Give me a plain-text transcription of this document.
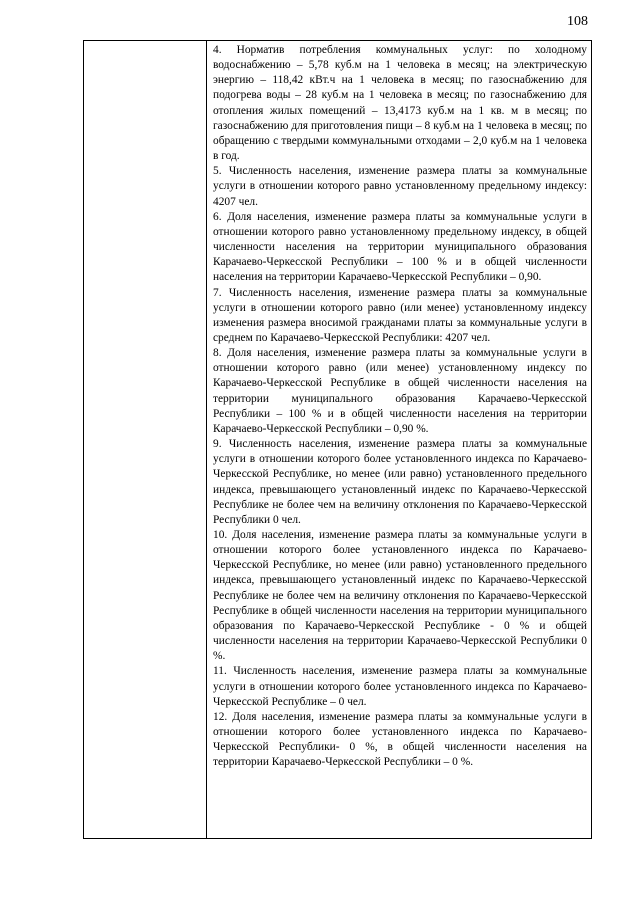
108

4. Норматив потребления коммунальных услуг: по холодному водоснабжению – 5,78 куб.м на 1 человека в месяц; на электрическую энергию – 118,42 кВт.ч на 1 человека в месяц; по газоснабжению для подогрева воды – 28 куб.м на 1 человека в месяц; по газоснабжению для отопления жилых помещений – 13,4173 куб.м на 1 кв. м в месяц; по газоснабжению для приготовления пищи – 8 куб.м на 1 человека в месяц; по обращению с твердыми коммунальными отходами – 2,0 куб.м на 1 человека в год.

5. Численность населения, изменение размера платы за коммунальные услуги в отношении которого равно установленному предельному индексу: 4207 чел.

6. Доля населения, изменение размера платы за коммунальные услуги в отношении которого равно установленному предельному индексу, в общей численности населения на территории муниципального образования Карачаево-Черкесской Республики – 100 % и в общей численности населения на территории Карачаево-Черкесской Республики – 0,90.

7. Численность населения, изменение размера платы за коммунальные услуги в отношении которого равно (или менее) установленному индексу изменения размера вносимой гражданами платы за коммунальные услуги в среднем по Карачаево-Черкесской Республики: 4207 чел.

8. Доля населения, изменение размера платы за коммунальные услуги в отношении которого равно (или менее) установленному индексу по Карачаево-Черкесской Республике в общей численности населения на территории муниципального образования Карачаево-Черкесской Республики – 100 % и в общей численности населения на территории Карачаево-Черкесской Республики – 0,90 %.

9. Численность населения, изменение размера платы за коммунальные услуги в отношении которого более установленного индекса по Карачаево-Черкесской Республике, но менее (или равно) установленного предельного индекса, превышающего установленный индекс по Карачаево-Черкесской Республике не более чем на величину отклонения по Карачаево-Черкесской Республики 0 чел.

10. Доля населения, изменение размера платы за коммунальные услуги в отношении которого более установленного индекса по Карачаево-Черкесской Республике, но менее (или равно) установленного предельного индекса, превышающего установленный индекс по Карачаево-Черкесской Республике не более чем на величину отклонения по Карачаево-Черкесской Республике в общей численности населения на территории муниципального образования по Карачаево-Черкесской Республике - 0 % и общей численности населения на территории Карачаево-Черкесской Республики 0 %.

11. Численность населения, изменение размера платы за коммунальные услуги в отношении которого более установленного индекса по Карачаево-Черкесской Республике – 0 чел.

12. Доля населения, изменение размера платы за коммунальные услуги в отношении которого более установленного индекса по Карачаево-Черкесской Республики- 0 %, в общей численности населения на территории Карачаево-Черкесской Республики – 0 %.
